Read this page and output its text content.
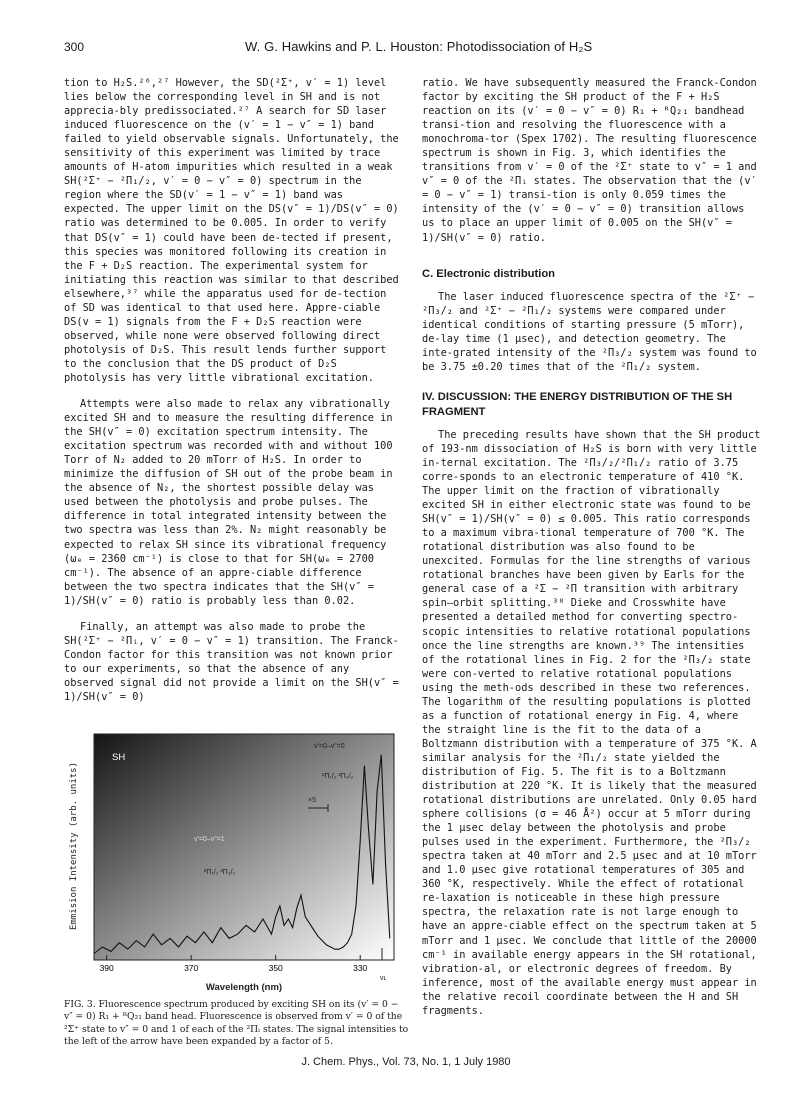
300	W. G. Hawkins and P. L. Houston: Photodissociation of H₂S

tion to H₂S.²⁶,²⁷ However, the SD(²Σ⁺, v′ = 1) level lies below the corresponding level in SH and is not apprecia-bly predissociated.²⁷ A search for SD laser induced fluorescence on the (v′ = 1 − v″ = 1) band failed to yield observable signals. Unfortunately, the sensitivity of this experiment was limited by trace amounts of H-atom impurities which resulted in a weak SH(²Σ⁺ − ²Π₁/₂, v′ = 0 − v″ = 0) spectrum in the region where the SD(v′ = 1 − v″ = 1) band was expected. The upper limit on the DS(v″ = 1)/DS(v″ = 0) ratio was determined to be 0.005. In order to verify that DS(v″ = 1) could have been de-tected if present, this species was monitored following its creation in the F + D₂S reaction. The experimental system for initiating this reaction was similar to that described elsewhere,³⁷ while the apparatus used for de-tection of SD was identical to that used here. Appre-ciable DS(v = 1) signals from the F + D₂S reaction were observed, while none were observed following direct photolysis of D₂S. This result lends further support to the conclusion that the DS product of D₂S photolysis has very little vibrational excitation.

Attempts were also made to relax any vibrationally excited SH and to measure the resulting difference in the SH(v″ = 0) excitation spectrum intensity. The excitation spectrum was recorded with and without 100 Torr of N₂ added to 20 mTorr of H₂S. In order to minimize the diffusion of SH out of the probe beam in the absence of N₂, the shortest possible delay was used between the photolysis and probe pulses. The difference in total integrated intensity between the two spectra was less than 2%. N₂ might reasonably be expected to relax SH since its vibrational frequency (ωₑ = 2360 cm⁻¹) is close to that for SH(ωₑ = 2700 cm⁻¹). The absence of an appre-ciable difference between the two spectra indicates that the SH(v″ = 1)/SH(v″ = 0) ratio is probably less than 0.02.

Finally, an attempt was also made to probe the SH(²Σ⁺ − ²Πᵢ, v′ = 0 − v″ = 1) transition. The Franck-Condon factor for this transition was not known prior to our experiments, so that the absence of any observed signal did not provide a limit on the SH(v″ = 1)/SH(v″ = 0)

390	370	350	330
Emmision Intensity (arb. units)
Wavelength (nm)
SH
v'=0–v"=0
²Π₁/₂ ²Π₃/₂
v'=0–v"=1
²Π₁/₂ ²Π₃/₂
×5
νʟ
FIG. 3. Fluorescence spectrum produced by exciting SH on its (v′ = 0 − v″ = 0) R₁ + ᴿQ₂₁ band head. Fluorescence is observed from v′ = 0 of the ²Σ⁺ state to v″ = 0 and 1 of each of the ²Πᵢ states. The signal intensities to the left of the arrow have been expanded by a factor of 5.

ratio. We have subsequently measured the Franck-Condon factor by exciting the SH product of the F + H₂S reaction on its (v′ = 0 − v″ = 0) R₁ + ᴿQ₂₁ bandhead transi-tion and resolving the fluorescence with a monochroma-tor (Spex 1702). The resulting fluorescence spectrum is shown in Fig. 3, which identifies the transitions from v′ = 0 of the ²Σ⁺ state to v″ = 1 and v″ = 0 of the ²Πᵢ states. The observation that the (v′ = 0 − v″ = 1) transi-tion is only 0.059 times the intensity of the (v′ = 0 − v″ = 0) transition allows us to place an upper limit of 0.005 on the SH(v″ = 1)/SH(v″ = 0) ratio.

C. Electronic distribution

The laser induced fluorescence spectra of the ²Σ⁺ − ²Π₃/₂ and ²Σ⁺ − ²Π₁/₂ systems were compared under identical conditions of starting pressure (5 mTorr), de-lay time (1 μsec), and detection geometry. The inte-grated intensity of the ²Π₃/₂ system was found to be 3.75 ±0.20 times that of the ²Π₁/₂ system.

IV. DISCUSSION: THE ENERGY DISTRIBUTION OF THE SH FRAGMENT

The preceding results have shown that the SH product of 193-nm dissociation of H₂S is born with very little in-ternal excitation. The ²Π₃/₂/²Π₁/₂ ratio of 3.75 corre-sponds to an electronic temperature of 410 °K. The upper limit on the fraction of vibrationally excited SH in either electronic state was found to be SH(v″ = 1)/SH(v″ = 0) ≤ 0.005. This ratio corresponds to a maximum vibra-tional temperature of 700 °K. The rotational distribution was also found to be unexcited. Formulas for the line strengths of various rotational branches have been given by Earls for the general case of a ²Σ − ²Π transition with arbitrary spin–orbit splitting.³⁸ Dieke and Crosswhite have presented a detailed method for converting spectro-scopic intensities to relative rotational populations once the line strengths are known.³⁹ The intensities of the rotational lines in Fig. 2 for the ²Π₃/₂ state were con-verted to relative rotational populations using the meth-ods described in these two references. The logarithm of the resulting populations is plotted as a function of rotational energy in Fig. 4, where the straight line is the fit to the data of a Boltzmann distribution with a temperature of 375 °K. A similar analysis for the ²Π₁/₂ state yielded the distribution of Fig. 5. The fit is to a Boltzmann distribution at 220 °K. It is likely that the measured rotational distributions are unrelated. Only 0.05 hard sphere collisions (σ = 46 Å²) occur at 5 mTorr during the 1 μsec delay between the photolysis and probe pulses used in the experiment. Furthermore, the ²Π₃/₂ spectra taken at 40 mTorr and 2.5 μsec and at 10 mTorr and 1.0 μsec give rotational temperatures of 305 and 360 °K, respectively. While the effect of rotational re-laxation is noticeable in these high pressure spectra, the relaxation rate is not large enough to have an appre-ciable effect on the spectrum taken at 5 mTorr and 1 μsec. We conclude that little of the 20000 cm⁻¹ in available energy appears in the SH rotational, vibration-al, or electronic degrees of freedom. By inference, most of the available energy must appear in the relative recoil coordinate between the H and SH fragments.

J. Chem. Phys., Vol. 73, No. 1, 1 July 1980
